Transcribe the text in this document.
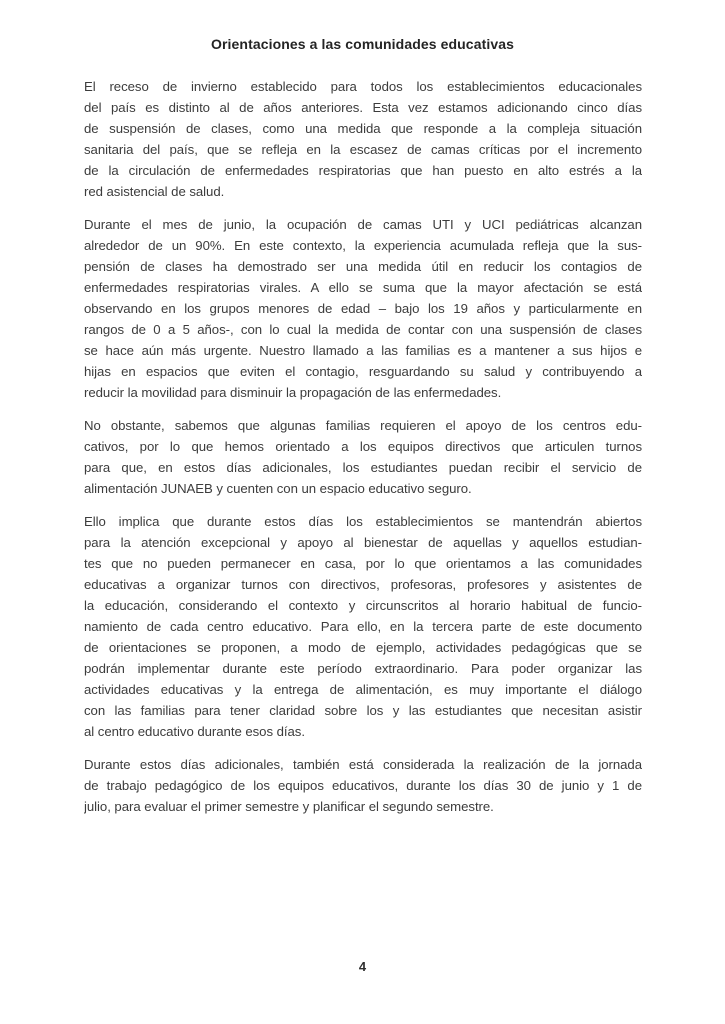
Orientaciones a las comunidades educativas
El receso de invierno establecido para todos los establecimientos educacionales
del país es distinto al de años anteriores. Esta vez estamos adicionando cinco días
de suspensión de clases, como una medida que responde a la compleja situación
sanitaria del país, que se refleja en la escasez de camas críticas por el incremento
de la circulación de enfermedades respiratorias que han puesto en alto estrés a la
red asistencial de salud.
Durante el mes de junio, la ocupación de camas UTI y UCI pediátricas alcanzan
alrededor de un 90%. En este contexto, la experiencia acumulada refleja que la sus-
pensión de clases ha demostrado ser una medida útil en reducir los contagios de
enfermedades respiratorias virales. A ello se suma que la mayor afectación se está
observando en los grupos menores de edad – bajo los 19 años y particularmente en
rangos de 0 a 5 años-, con lo cual la medida de contar con una suspensión de clases
se hace aún más urgente. Nuestro llamado a las familias es a mantener a sus hijos e
hijas en espacios que eviten el contagio, resguardando su salud y contribuyendo a
reducir la movilidad para disminuir la propagación de las enfermedades.
No obstante, sabemos que algunas familias requieren el apoyo de los centros edu-
cativos, por lo que hemos orientado a los equipos directivos que articulen turnos
para que, en estos días adicionales, los estudiantes puedan recibir el servicio de
alimentación JUNAEB y cuenten con un espacio educativo seguro.
Ello implica que durante estos días los establecimientos se mantendrán abiertos
para la atención excepcional y apoyo al bienestar de aquellas y aquellos estudian-
tes que no pueden permanecer en casa, por lo que orientamos a las comunidades
educativas a organizar turnos con directivos, profesoras, profesores y asistentes de
la educación, considerando el contexto y circunscritos al horario habitual de funcio-
namiento de cada centro educativo. Para ello, en la tercera parte de este documento
de orientaciones se proponen, a modo de ejemplo, actividades pedagógicas que se
podrán implementar durante este período extraordinario. Para poder organizar las
actividades educativas y la entrega de alimentación, es muy importante el diálogo
con las familias para tener claridad sobre los y las estudiantes que necesitan asistir
al centro educativo durante esos días.
Durante estos días adicionales, también está considerada la realización de la jornada
de trabajo pedagógico de los equipos educativos, durante los días 30 de junio y 1 de
julio, para evaluar el primer semestre y planificar el segundo semestre.
4
